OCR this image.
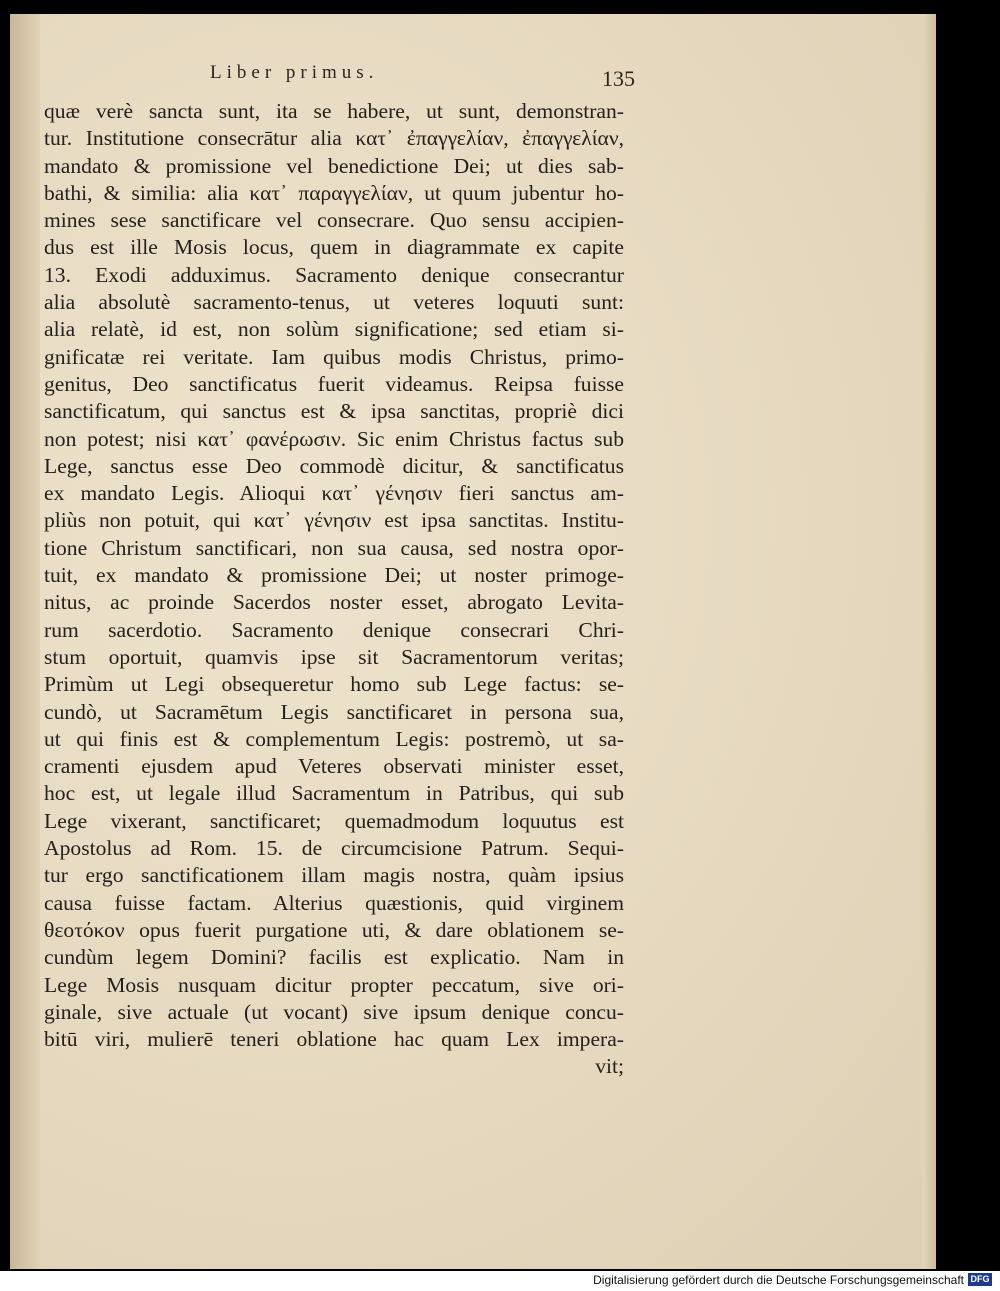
Liber primus.	135
quæ verè sancta sunt, ita se habere, ut sunt, demonstran-
tur. Institutione consecrātur alia κατ᾽ ἐπαγγελίαν, ἐπαγγελίαν,
mandato & promissione vel benedictione Dei; ut dies sab-
bathi, & similia: alia κατ᾽ παραγγελίαν, ut quum jubentur ho-
mines sese sanctificare vel consecrare. Quo sensu accipien-
dus est ille Mosis locus, quem in diagrammate ex capite
13. Exodi adduximus. Sacramento denique consecrantur
alia absolutè sacramento-tenus, ut veteres loquuti sunt:
alia relatè, id est, non solùm significatione; sed etiam si-
gnificatæ rei veritate. Iam quibus modis Christus, primo-
genitus, Deo sanctificatus fuerit videamus. Reipsa fuisse
sanctificatum, qui sanctus est & ipsa sanctitas, propriè dici
non potest; nisi κατ᾽ φανέρωσιν. Sic enim Christus factus sub
Lege, sanctus esse Deo commodè dicitur, & sanctificatus
ex mandato Legis. Alioqui κατ᾽ γένησιν fieri sanctus am-
pliùs non potuit, qui κατ᾽ γένησιν est ipsa sanctitas. Institu-
tione Christum sanctificari, non sua causa, sed nostra opor-
tuit, ex mandato & promissione Dei; ut noster primoge-
nitus, ac proinde Sacerdos noster esset, abrogato Levita-
rum sacerdotio. Sacramento denique consecrari Chri-
stum oportuit, quamvis ipse sit Sacramentorum veritas;
Primùm ut Legi obsequeretur homo sub Lege factus: se-
cundò, ut Sacramētum Legis sanctificaret in persona sua,
ut qui finis est & complementum Legis: postremò, ut sa-
cramenti ejusdem apud Veteres observati minister esset,
hoc est, ut legale illud Sacramentum in Patribus, qui sub
Lege vixerant, sanctificaret; quemadmodum loquutus est
Apostolus ad Rom. 15. de circumcisione Patrum. Sequi-
tur ergo sanctificationem illam magis nostra, quàm ipsius
causa fuisse factam. Alterius quæstionis, quid virginem
θεοτόκον opus fuerit purgatione uti, & dare oblationem se-
cundùm legem Domini? facilis est explicatio. Nam in
Lege Mosis nusquam dicitur propter peccatum, sive ori-
ginale, sive actuale (ut vocant) sive ipsum denique concu-
bitū viri, mulierē teneri oblatione hac quam Lex impera-
vit;
Digitalisierung gefördert durch die Deutsche Forschungsgemeinschaft DFG
